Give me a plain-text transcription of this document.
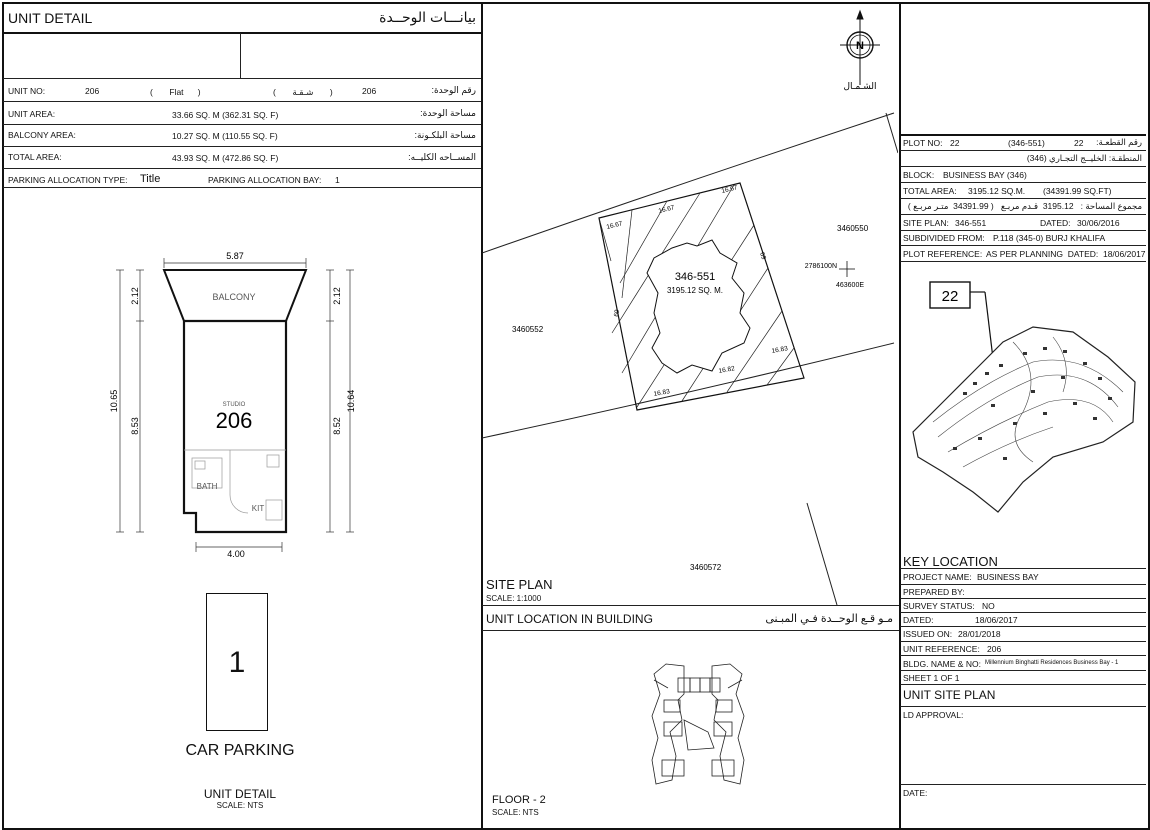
UNIT DETAIL	بيانـــات الوحــدة
UNIT NO:	206	(       Flat      )	(       شـقـة       )	206	رقم الوحدة:
UNIT AREA:	33.66 SQ. M (362.31 SQ. F)	مساحة الوحدة:
BALCONY AREA:	10.27 SQ. M (110.55 SQ. F)	مساحة البلكـونة:
TOTAL AREA:	43.93 SQ. M (472.86 SQ. F)	المســاحه الكليــه:
PARKING ALLOCATION TYPE: Title	PARKING ALLOCATION BAY: 1
5.87
4.00
2.12	2.12
10.65
8.53	8.52
10.64
BALCONY
STUDIO
206
BATH
KIT
1
CAR PARKING
UNIT DETAIL
SCALE: NTS
N
الشـمـال
2786100N
463600E
346-551
3195.12 SQ. M.
16.67
16.67
16.67
69
69
16.83
16.82
16.83
3460550
3460552
3460572
SITE PLAN
SCALE: 1:1000
UNIT LOCATION IN BUILDING	مـو قـع الوحــدة فـي المبـنى
FLOOR - 2
SCALE: NTS
PLOT NO: 22	(346-551)	22	رقم القطعـة:
المنطقـة: الخليــج التجـاري (346)
BLOCK: BUSINESS BAY (346)
TOTAL AREA: 3195.12 SQ.M. (34391.99 SQ.FT)
مجموع المساحة :   3195.12  قـدم مربـع   ( 34391.99  متـر مربـع )
SITE PLAN: 346-551	DATED: 30/06/2016
SUBDIVIDED FROM: P.118 (345-0) BURJ KHALIFA
PLOT REFERENCE: AS PER PLANNING  DATED:  18/06/2017
22
KEY LOCATION
PROJECT NAME: BUSINESS BAY
PREPARED BY:
SURVEY STATUS: NO
DATED:	18/06/2017
ISSUED ON: 28/01/2018
UNIT REFERENCE: 206
BLDG. NAME & NO: Millennium Binghatti Residences Business Bay - 1
SHEET 1 OF 1
UNIT SITE PLAN
LD APPROVAL:
DATE:
